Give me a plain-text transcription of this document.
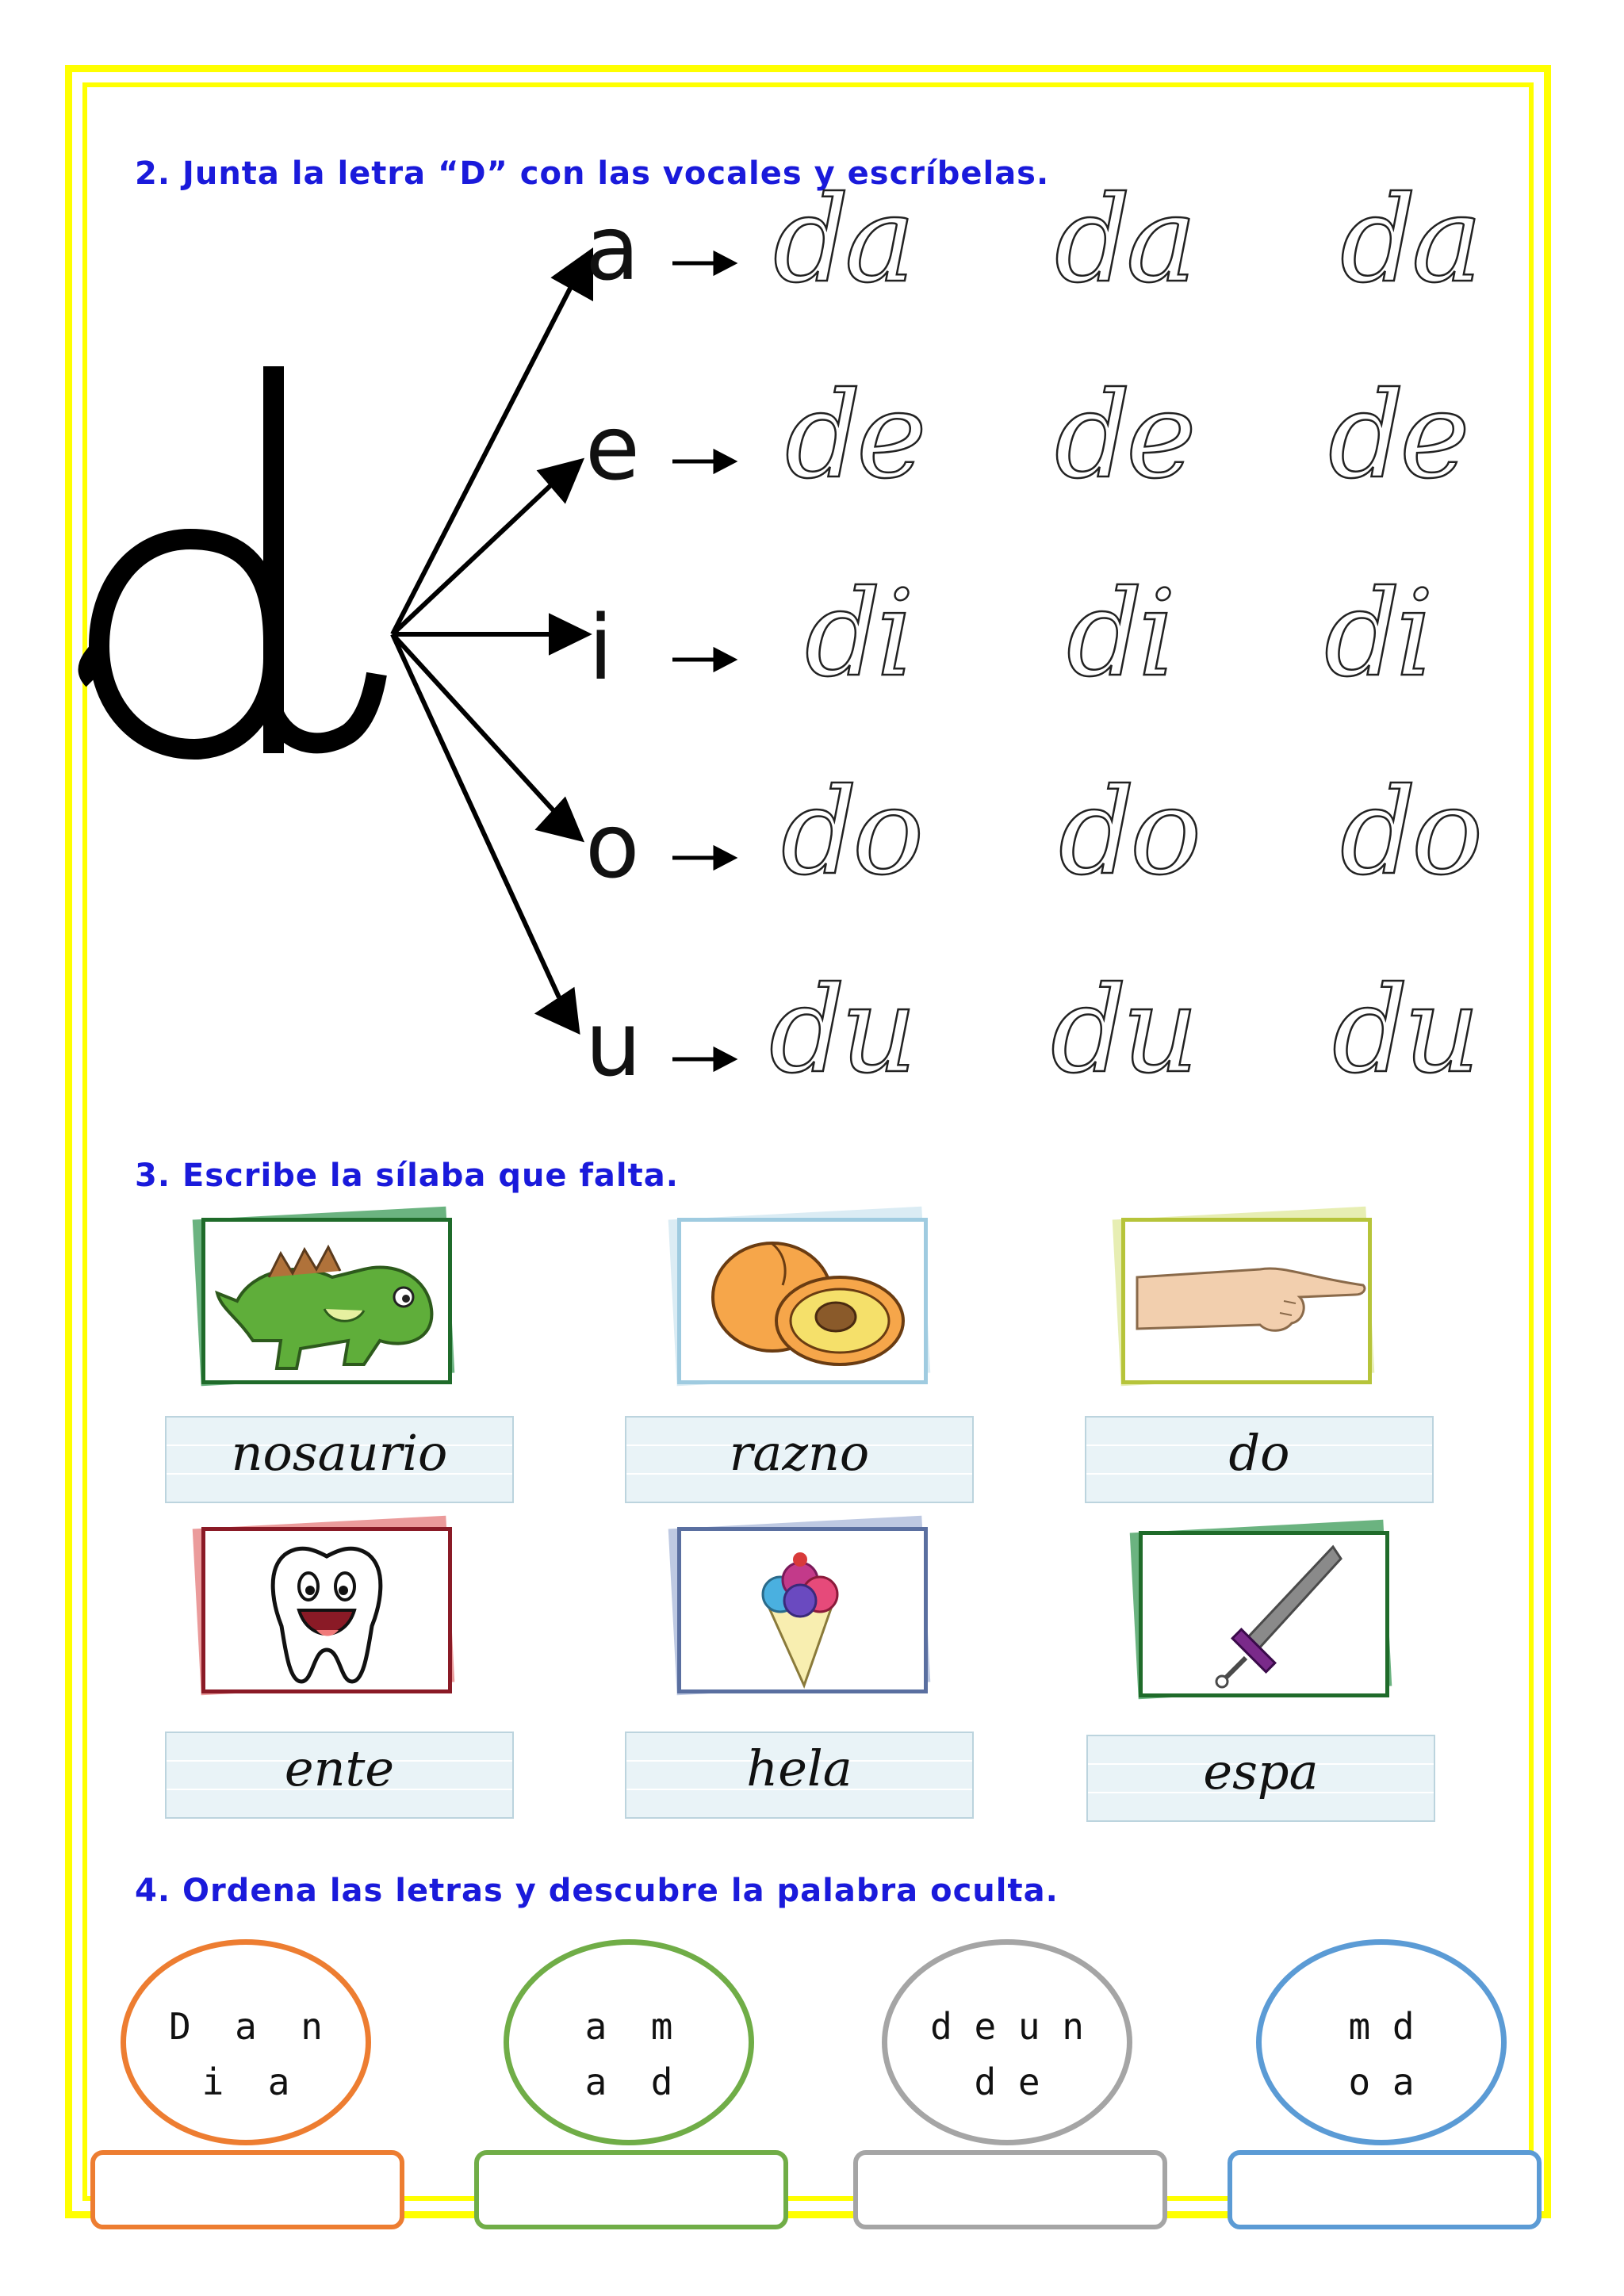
2. Junta la letra “D” con las vocales y escríbelas.
a
e
i
o
u
da da da
de de de
di di di
do do do
du du du
3. Escribe la sílaba que falta.
nosaurio	razno	do
ente	hela	espa
4. Ordena las letras y descubre la palabra oculta.
D  a  n
i  a
a  m
a  d
d e u n
d e
m d
o a
